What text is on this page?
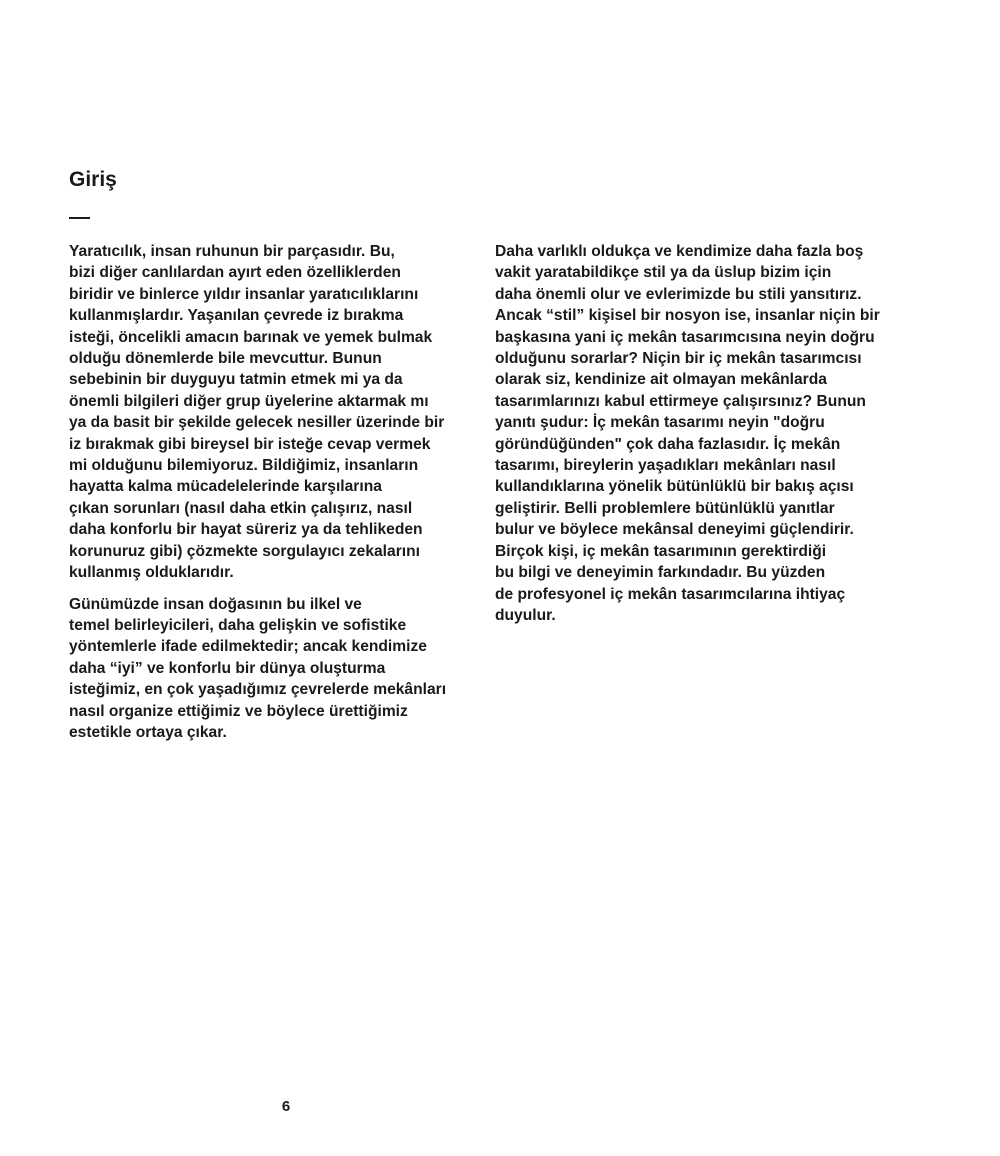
Giriş

Yaratıcılık, insan ruhunun bir parçasıdır. Bu,
bizi diğer canlılardan ayırt eden özelliklerden
biridir ve binlerce yıldır insanlar yaratıcılıklarını
kullanmışlardır. Yaşanılan çevrede iz bırakma
isteği, öncelikli amacın barınak ve yemek bulmak
olduğu dönemlerde bile mevcuttur. Bunun
sebebinin bir duyguyu tatmin etmek mi ya da
önemli bilgileri diğer grup üyelerine aktarmak mı
ya da basit bir şekilde gelecek nesiller üzerinde bir
iz bırakmak gibi bireysel bir isteğe cevap vermek
mi olduğunu bilemiyoruz. Bildiğimiz, insanların
hayatta kalma mücadelelerinde karşılarına
çıkan sorunları (nasıl daha etkin çalışırız, nasıl
daha konforlu bir hayat süreriz ya da tehlikeden
korunuruz gibi) çözmekte sorgulayıcı zekalarını
kullanmış olduklarıdır.

Günümüzde insan doğasının bu ilkel ve
temel belirleyicileri, daha gelişkin ve sofistike
yöntemlerle ifade edilmektedir; ancak kendimize
daha “iyi” ve konforlu bir dünya oluşturma
isteğimiz, en çok yaşadığımız çevrelerde mekânları
nasıl organize ettiğimiz ve böylece ürettiğimiz
estetikle ortaya çıkar.

Daha varlıklı oldukça ve kendimize daha fazla boş
vakit yaratabildikçe stil ya da üslup bizim için
daha önemli olur ve evlerimizde bu stili yansıtırız.
Ancak “stil” kişisel bir nosyon ise, insanlar niçin bir
başkasına yani iç mekân tasarımcısına neyin doğru
olduğunu sorarlar? Niçin bir iç mekân tasarımcısı
olarak siz, kendinize ait olmayan mekânlarda
tasarımlarınızı kabul ettirmeye çalışırsınız? Bunun
yanıtı şudur: İç mekân tasarımı neyin "doğru
göründüğünden" çok daha fazlasıdır. İç mekân
tasarımı, bireylerin yaşadıkları mekânları nasıl
kullandıklarına yönelik bütünlüklü bir bakış açısı
geliştirir. Belli problemlere bütünlüklü yanıtlar
bulur ve böylece mekânsal deneyimi güçlendirir.
Birçok kişi, iç mekân tasarımının gerektirdiği
bu bilgi ve deneyimin farkındadır. Bu yüzden
de profesyonel iç mekân tasarımcılarına ihtiyaç
duyulur.

6
